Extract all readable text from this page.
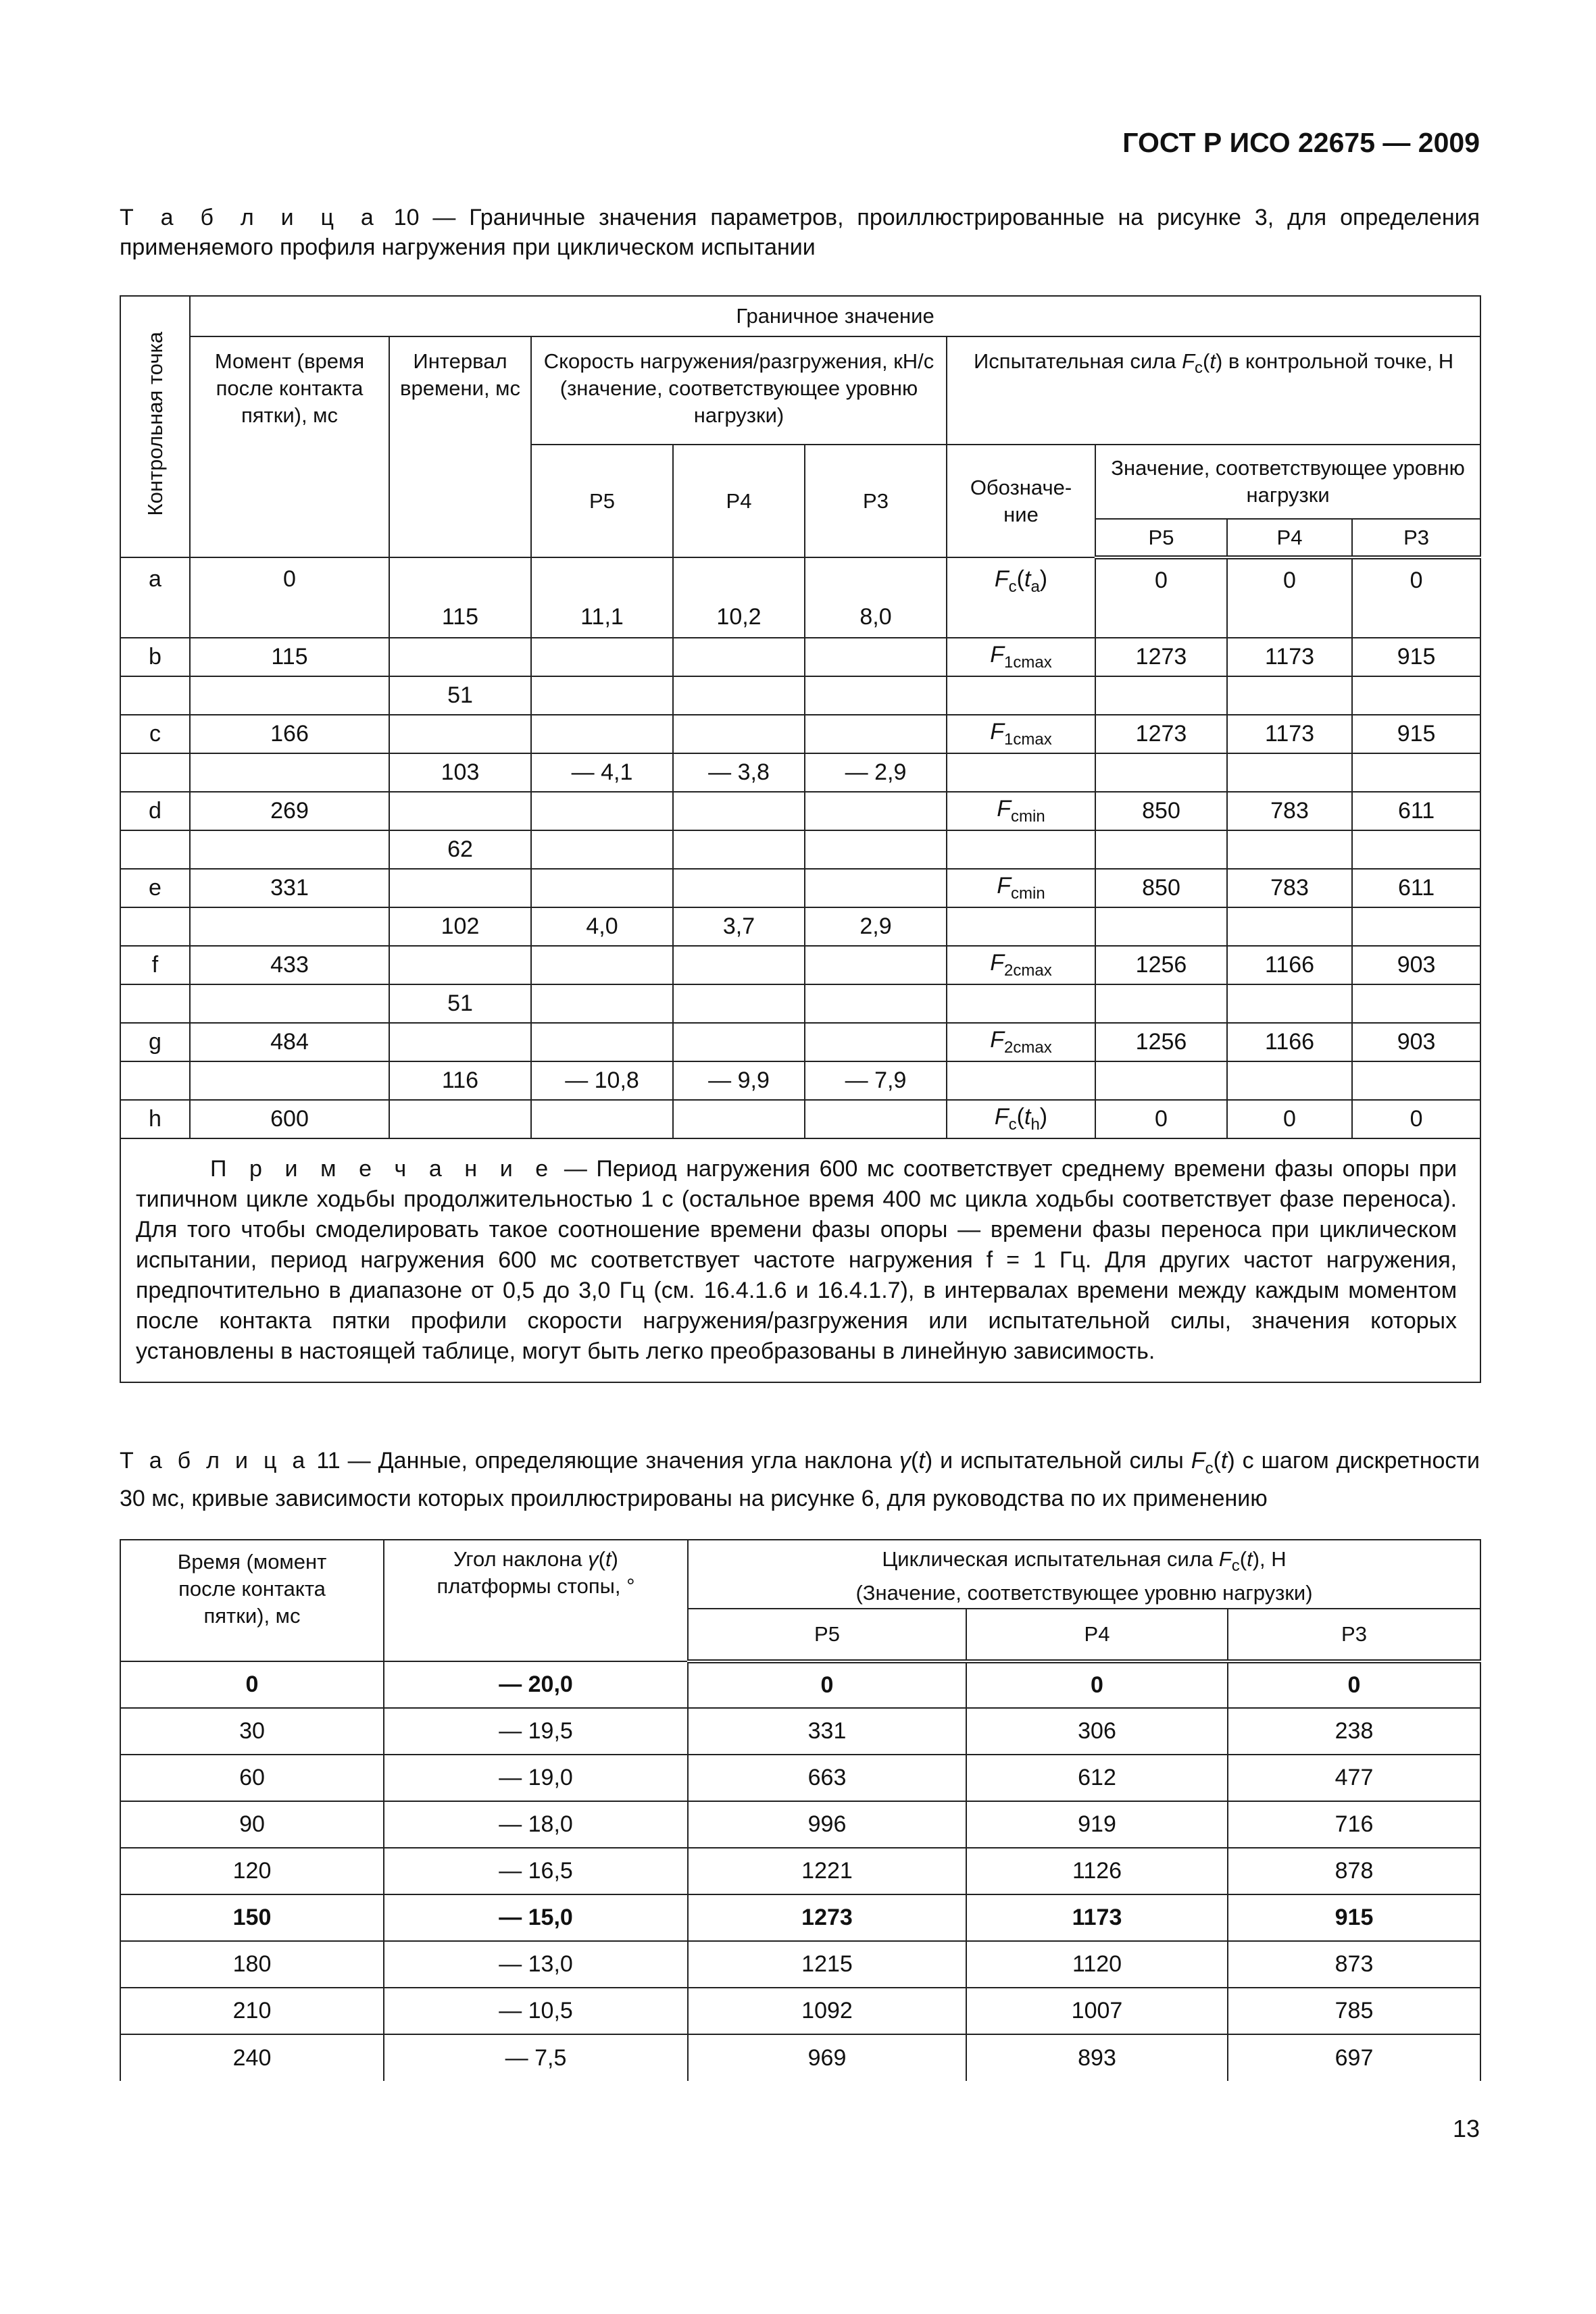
ГОСТ Р ИСО 22675 — 2009
Т а б л и ц а 10 — Граничные значения параметров, проиллюстрированные на рисунке 3, для определения применяемого профиля нагружения при циклическом испытании
Контрольная точка	Граничное значение								
	Момент (время после контакта пятки), мс	Интервал времени, мс	Скорость нагружения/разгружения, кН/с (значение, соответствующее уровню нагрузки)			Испытательная сила $F_c(t)$ в контрольной точке, Н			
			Р5	Р4	Р3	Обозначе-ние	Значение, соответствующее уровню нагрузки		
							Р5	Р4	Р3
a	0	115	11,1	10,2	8,0	$F_c(t_a)$	0	0	0
b	115					$F_{1cmax}$	1273	1173	915
		51							
c	166					$F_{1cmax}$	1273	1173	915
		103	— 4,1	— 3,8	— 2,9				
d	269					$F_{cmin}$	850	783	611
		62							
e	331					$F_{cmin}$	850	783	611
		102	4,0	3,7	2,9				
f	433					$F_{2cmax}$	1256	1166	903
		51							
g	484					$F_{2cmax}$	1256	1166	903
		116	— 10,8	— 9,9	— 7,9				
h	600					$F_c(t_h)$	0	0	0
П р и м е ч а н и е — Период нагружения 600 мс соответствует среднему времени фазы опоры при типичном цикле ходьбы продолжительностью 1 с (остальное время 400 мс цикла ходьбы соответствует фазе переноса). Для того чтобы смоделировать такое соотношение времени фазы опоры — времени фазы переноса при циклическом испытании, период нагружения 600 мс соответствует частоте нагружения f = 1 Гц. Для других частот нагружения, предпочтительно в диапазоне от 0,5 до 3,0 Гц (см. 16.4.1.6 и 16.4.1.7), в интервалах времени между каждым моментом после контакта пятки профили скорости нагружения/разгружения или испытательной силы, значения которых установлены в настоящей таблице, могут быть легко преобразованы в линейную зависимость.									
Т а б л и ц а 11 — Данные, определяющие значения угла наклона γ(t) и испытательной силы $F_c(t)$ с шагом дискретности 30 мс, кривые зависимости которых проиллюстрированы на рисунке 6, для руководства по их применению
Время (момент после контакта пятки), мс	Угол наклона γ(t) платформы стопы, °	Циклическая испытательная сила $F_c(t)$, Н
(Значение, соответствующее уровню нагрузки)		
		Р5	Р4	Р3
0	— 20,0	0	0	0
30	— 19,5	331	306	238
60	— 19,0	663	612	477
90	— 18,0	996	919	716
120	— 16,5	1221	1126	878
150	— 15,0	1273	1173	915
180	— 13,0	1215	1120	873
210	— 10,5	1092	1007	785
240	— 7,5	969	893	697
13
